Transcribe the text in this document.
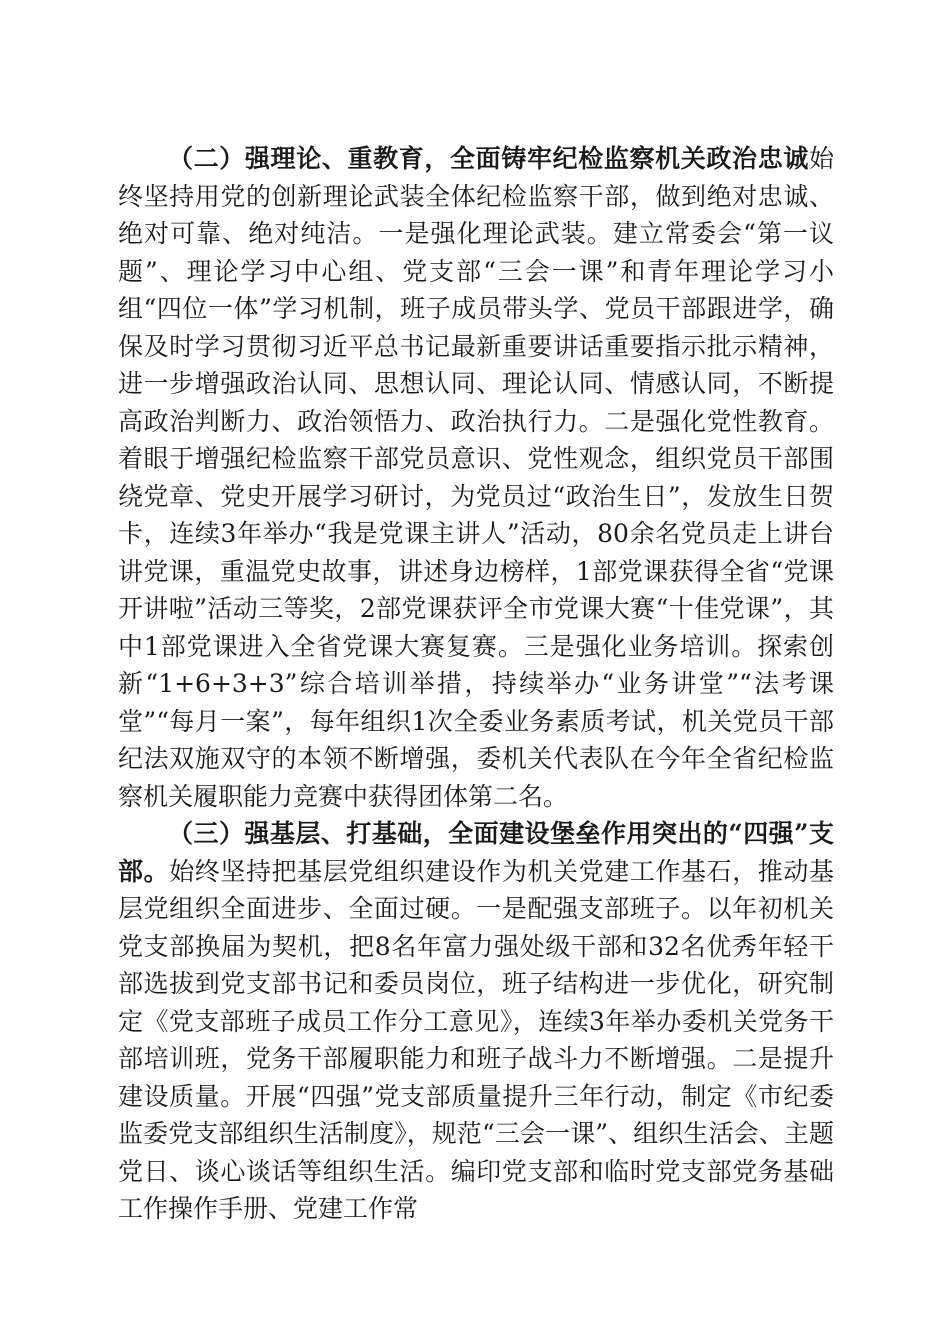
（二）强理论、重教育，全面铸牢纪检监察机关政治忠诚始终坚持用党的创新理论武装全体纪检监察干部，做到绝对忠诚、绝对可靠、绝对纯洁。一是强化理论武装。建立常委会“第一议题”、理论学习中心组、党支部“三会一课”和青年理论学习小组“四位一体”学习机制，班子成员带头学、党员干部跟进学，确保及时学习贯彻习近平总书记最新重要讲话重要指示批示精神，进一步增强政治认同、思想认同、理论认同、情感认同，不断提高政治判断力、政治领悟力、政治执行力。二是强化党性教育。着眼于增强纪检监察干部党员意识、党性观念，组织党员干部围绕党章、党史开展学习研讨，为党员过“政治生日”，发放生日贺卡，连续3年举办“我是党课主讲人”活动，80余名党员走上讲台讲党课，重温党史故事，讲述身边榜样，1部党课获得全省“党课开讲啦”活动三等奖，2部党课获评全市党课大赛“十佳党课”，其中1部党课进入全省党课大赛复赛。三是强化业务培训。探索创新“1+6+3+3”综合培训举措，持续举办“业务讲堂”“法考课堂”“每月一案”，每年组织1次全委业务素质考试，机关党员干部纪法双施双守的本领不断增强，委机关代表队在今年全省纪检监察机关履职能力竞赛中获得团体第二名。

（三）强基层、打基础，全面建设堡垒作用突出的“四强”支部。始终坚持把基层党组织建设作为机关党建工作基石，推动基层党组织全面进步、全面过硬。一是配强支部班子。以年初机关党支部换届为契机，把8名年富力强处级干部和32名优秀年轻干部选拔到党支部书记和委员岗位，班子结构进一步优化，研究制定《党支部班子成员工作分工意见》，连续3年举办委机关党务干部培训班，党务干部履职能力和班子战斗力不断增强。二是提升建设质量。开展“四强”党支部质量提升三年行动，制定《市纪委监委党支部组织生活制度》，规范“三会一课”、组织生活会、主题党日、谈心谈话等组织生活。编印党支部和临时党支部党务基础工作操作手册、党建工作常
